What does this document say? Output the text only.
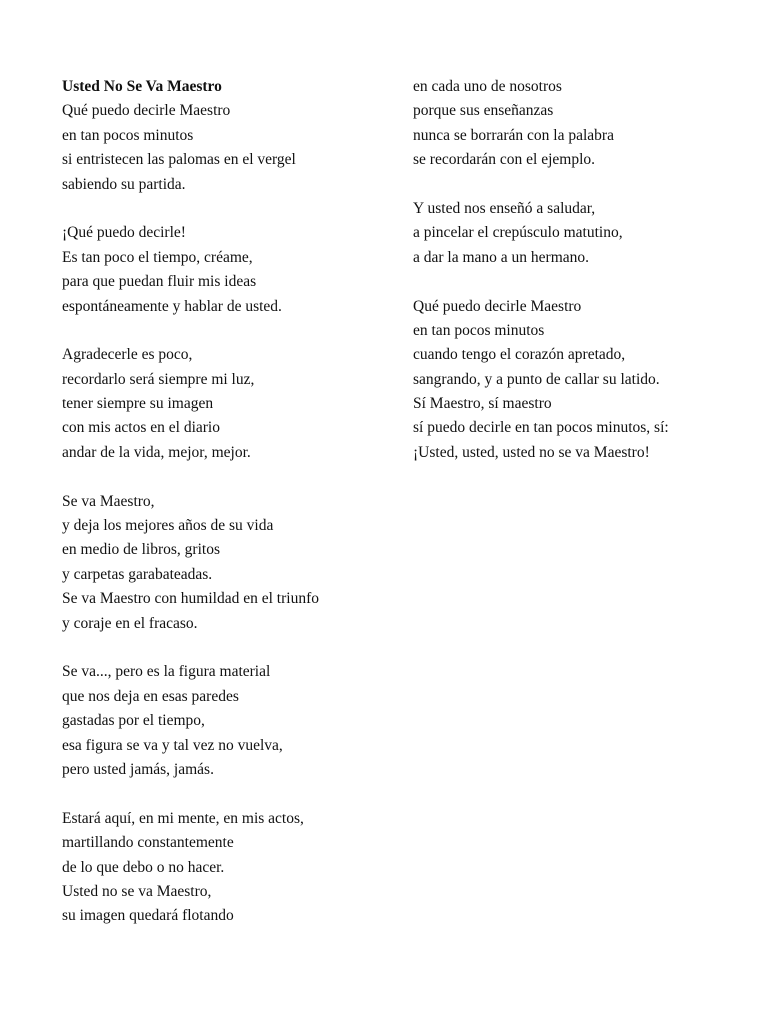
Usted No Se Va Maestro
Qué puedo decirle Maestro
en tan pocos minutos
si entristecen las palomas en el vergel
sabiendo su partida.
¡Qué puedo decirle!
Es tan poco el tiempo, créame,
para que puedan fluir mis ideas
espontáneamente y hablar de usted.
Agradecerle es poco,
recordarlo será siempre mi luz,
tener siempre su imagen
con mis actos en el diario
andar de la vida, mejor, mejor.
Se va Maestro,
y deja los mejores años de su vida
en medio de libros, gritos
y carpetas garabateadas.
Se va Maestro con humildad en el triunfo
y coraje en el fracaso.
Se va..., pero es la figura material
que nos deja en esas paredes
gastadas por el tiempo,
esa figura se va y tal vez no vuelva,
pero usted jamás, jamás.
Estará aquí, en mi mente, en mis actos,
martillando constantemente
de lo que debo o no hacer.
Usted no se va Maestro,
su imagen quedará flotando
en cada uno de nosotros
porque sus enseñanzas
nunca se borrarán con la palabra
se recordarán con el ejemplo.
Y usted nos enseñó a saludar,
a pincelar el crepúsculo matutino,
a dar la mano a un hermano.
Qué puedo decirle Maestro
en tan pocos minutos
cuando tengo el corazón apretado,
sangrando, y a punto de callar su latido.
Sí Maestro, sí maestro
sí puedo decirle en tan pocos minutos, sí:
¡Usted, usted, usted no se va Maestro!
